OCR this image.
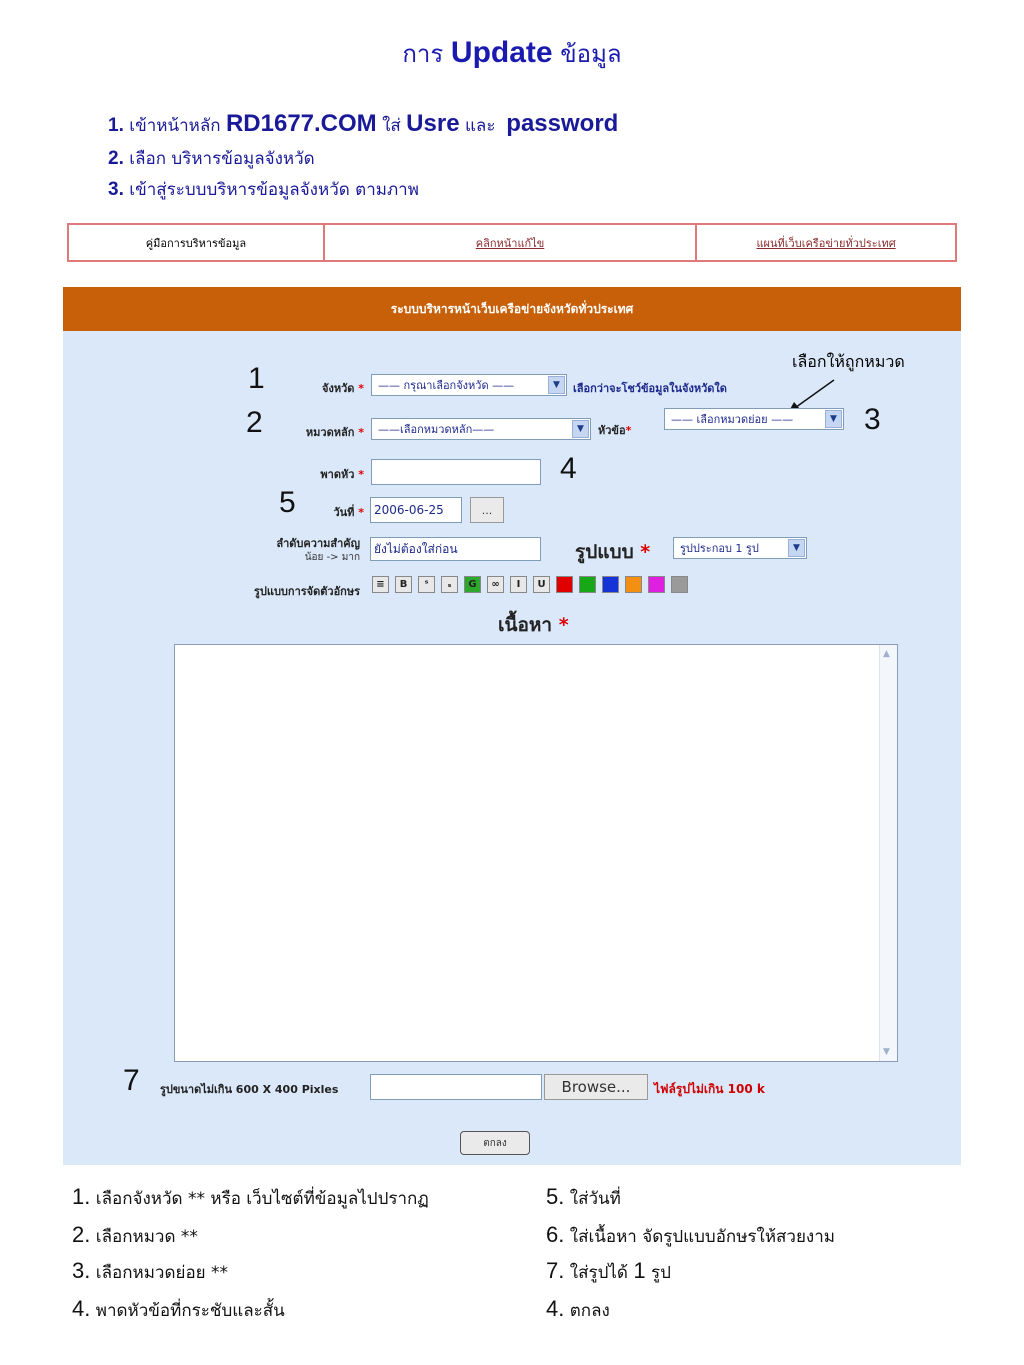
การ Update ข้อมูล
1. เข้าหน้าหลัก RD1677.COM ใส่ Usre และ password
2. เลือก บริหารข้อมูลจังหวัด
3. เข้าสู่ระบบบริหารข้อมูลจังหวัด ตามภาพ
คู่มือการบริหารข้อมูล	คลิกหน้าแก้ไข	แผนที่เว็บเครือข่ายทั่วประเทศ
ระบบบริหารหน้าเว็บเครือข่ายจังหวัดทั่วประเทศ
เลือกให้ถูกหมวด
1
2	3
4
5
7
จังหวัด * —— กรุณาเลือกจังหวัด ——	▼	เลือกว่าจะโชว์ข้อมูลในจังหวัดใด
หมวดหลัก * ——เลือกหมวดหลัก——	▼	หัวข้อ*
—— เลือกหมวดย่อย ——	▼
พาดหัว *
วันที่ * 2006-06-25	...
ลำดับความสำคัญ
น้อย -> มาก
ยังไม่ต้องใส่ก่อน	รูปแบบ *	รูปประกอบ 1 รูป	▼
รูปแบบการจัดตัวอักษร
≡	B	ˢ	ₛ	G	∞	I	U
เนื้อหา *
▲
▼
รูปขนาดไม่เกิน 600 X 400 Pixles	Browse...	ไฟล์รูปไม่เกิน 100 k
ตกลง
1. เลือกจังหวัด ** หรือ เว็บไซต์ที่ข้อมูลไปปรากฏ
2. เลือกหมวด **
3. เลือกหมวดย่อย **
4. พาดหัวข้อที่กระชับและสั้น
5. ใส่วันที่
6. ใส่เนื้อหา จัดรูปแบบอักษรให้สวยงาม
7. ใส่รูปได้ 1 รูป
4. ตกลง
